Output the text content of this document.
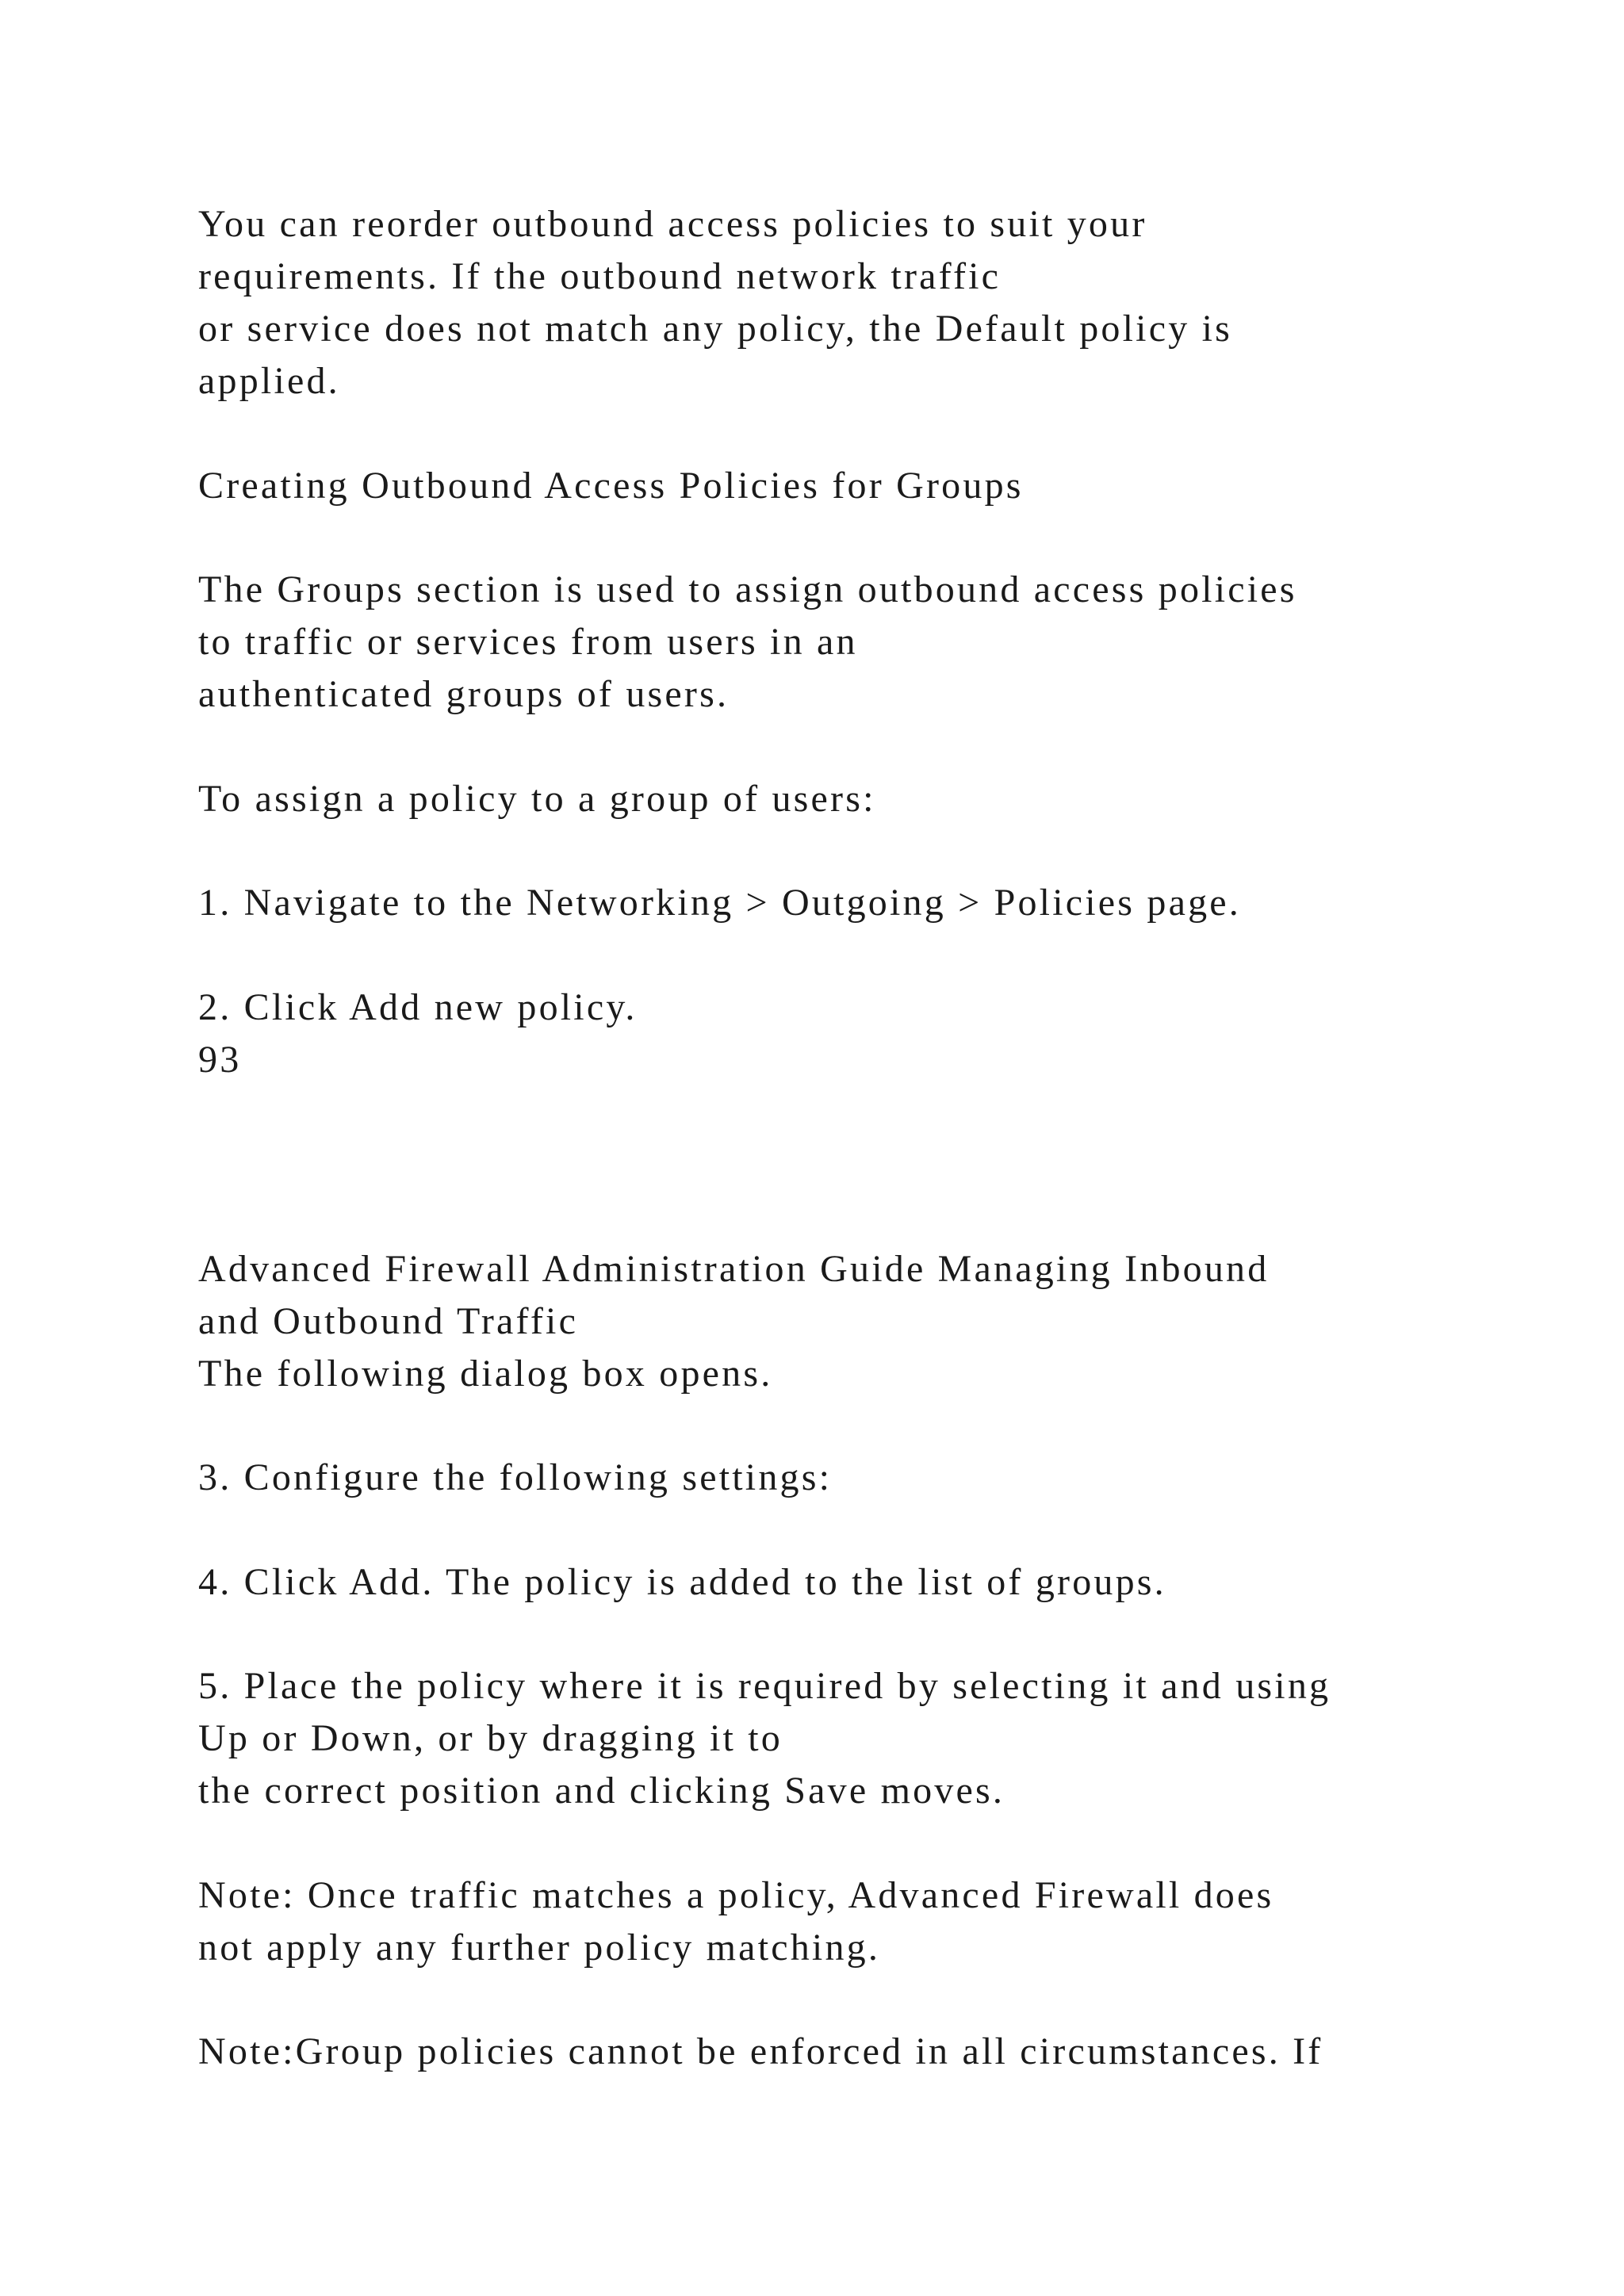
You can reorder outbound access policies to suit your
requirements. If the outbound network traffic
or service does not match any policy, the Default policy is
applied.
Creating Outbound Access Policies for Groups
The Groups section is used to assign outbound access policies
to traffic or services from users in an
authenticated groups of users.
To assign a policy to a group of users:
1. Navigate to the Networking > Outgoing > Policies page.
2. Click Add new policy.
93
Advanced Firewall Administration Guide Managing Inbound
and Outbound Traffic
The following dialog box opens.
3. Configure the following settings:
4. Click Add. The policy is added to the list of groups.
5. Place the policy where it is required by selecting it and using
Up or Down, or by dragging it to
the correct position and clicking Save moves.
Note: Once traffic matches a policy, Advanced Firewall does
not apply any further policy matching.
Note:Group policies cannot be enforced in all circumstances. If
